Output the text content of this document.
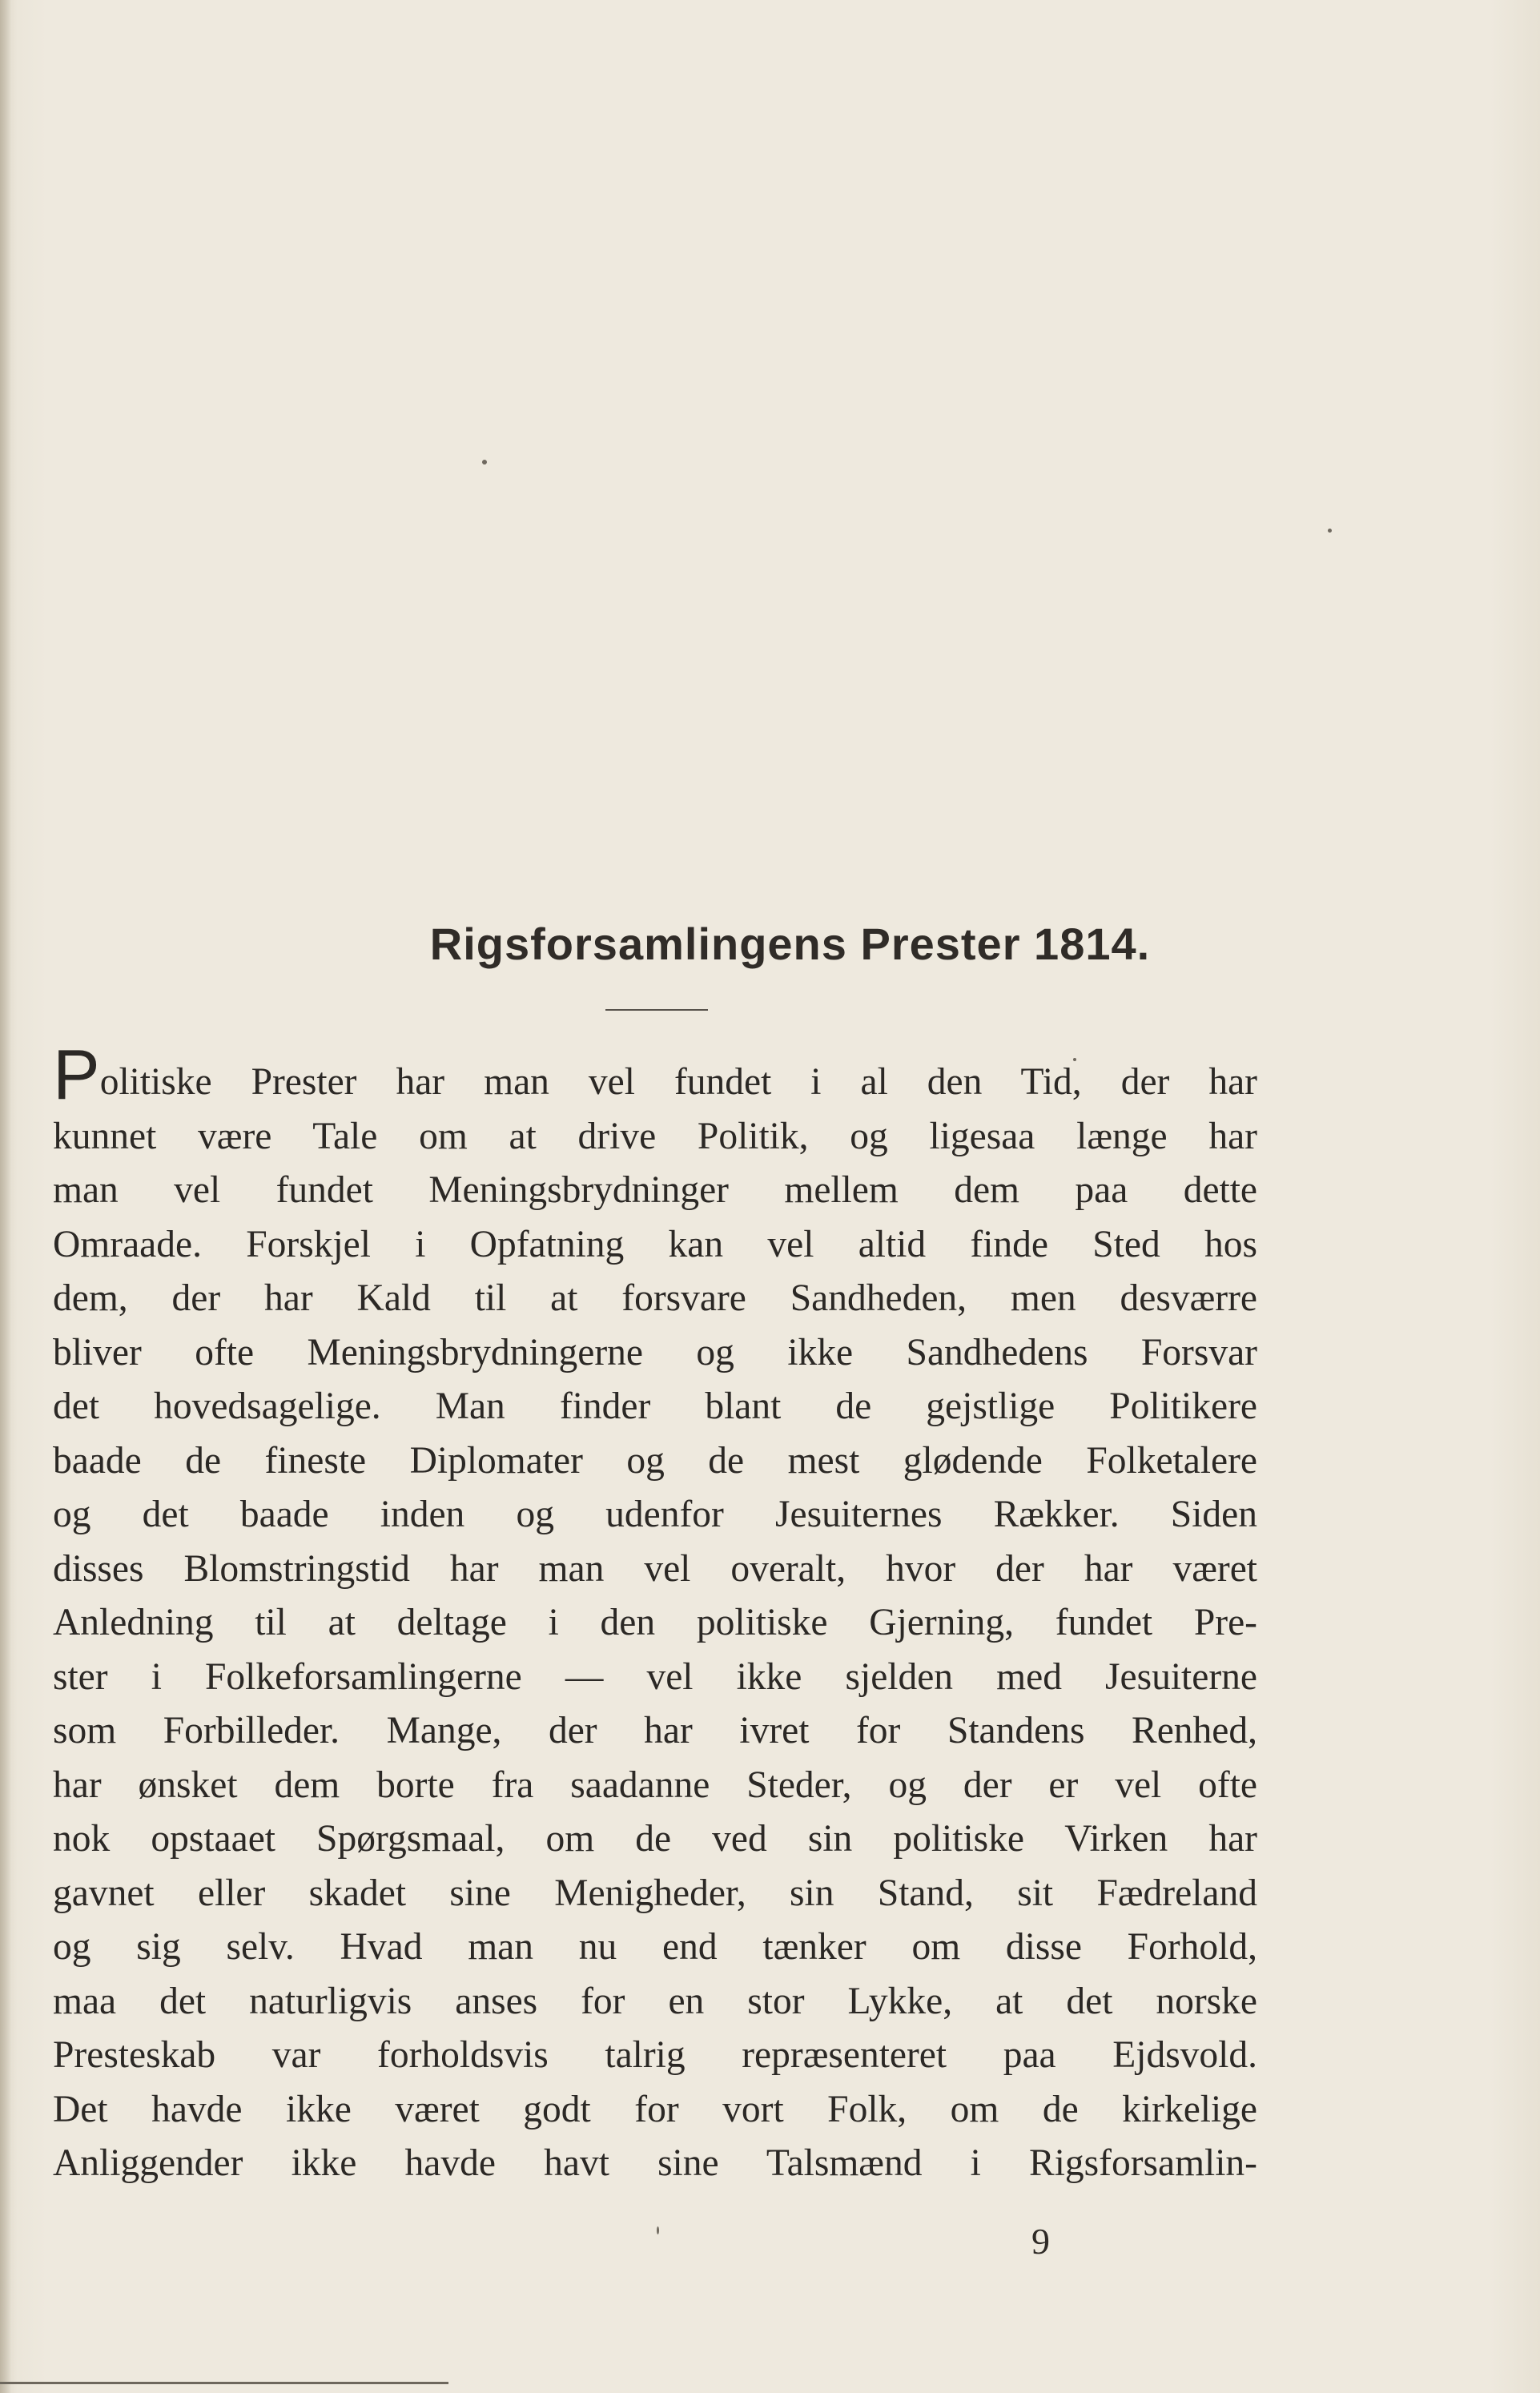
Rigsforsamlingens Prester 1814.
Politiske Prester har man vel fundet i al den Tid, der har
kunnet være Tale om at drive Politik, og ligesaa længe har
man vel fundet Meningsbrydninger mellem dem paa dette
Omraade. Forskjel i Opfatning kan vel altid finde Sted hos
dem, der har Kald til at forsvare Sandheden, men desværre
bliver ofte Meningsbrydningerne og ikke Sandhedens Forsvar
det hovedsagelige. Man finder blant de gejstlige Politikere
baade de fineste Diplomater og de mest glødende Folketalere
og det baade inden og udenfor Jesuiternes Rækker. Siden
disses Blomstringstid har man vel overalt, hvor der har været
Anledning til at deltage i den politiske Gjerning, fundet Pre-
ster i Folkeforsamlingerne — vel ikke sjelden med Jesuiterne
som Forbilleder. Mange, der har ivret for Standens Renhed,
har ønsket dem borte fra saadanne Steder, og der er vel ofte
nok opstaaet Spørgsmaal, om de ved sin politiske Virken har
gavnet eller skadet sine Menigheder, sin Stand, sit Fædreland
og sig selv. Hvad man nu end tænker om disse Forhold,
maa det naturligvis anses for en stor Lykke, at det norske
Presteskab var forholdsvis talrig repræsenteret paa Ejdsvold.
Det havde ikke været godt for vort Folk, om de kirkelige
Anliggender ikke havde havt sine Talsmænd i Rigsforsamlin-
9
